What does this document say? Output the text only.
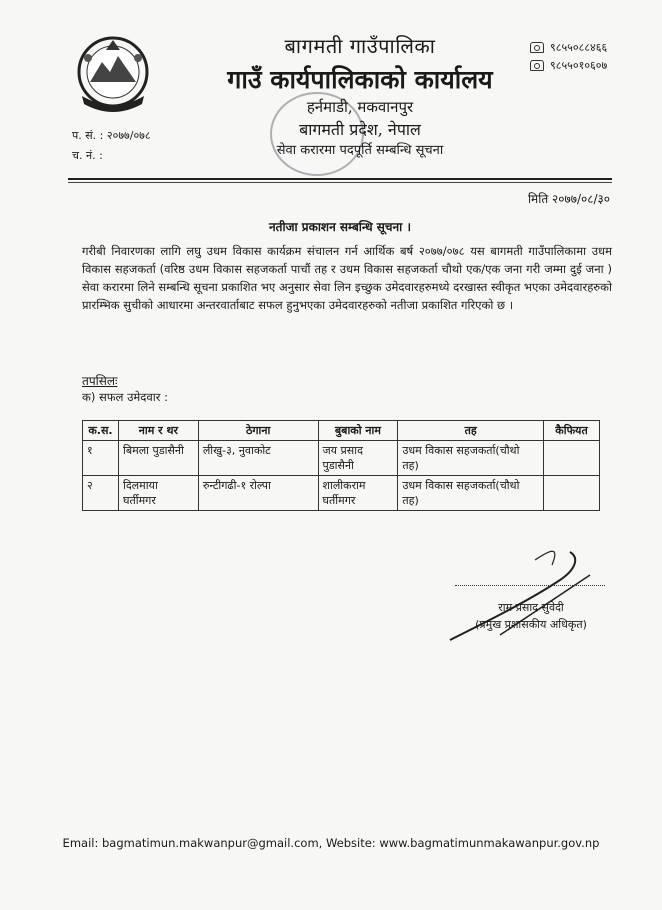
बागमती गाउँपालिका
गाउँ कार्यपालिकाको कार्यालय
हर्नमाडी, मकवानपुर
बागमती प्रदेश, नेपाल
सेवा करारमा पदपूर्ति सम्बन्धि सूचना
९८५५०८८४६६
९८५५०१०६०७
प. सं. : २०७७/०७८
च. नं. :
मिति २०७७/०८/३०
नतीजा प्रकाशन सम्बन्धि सूचना ।
गरीबी निवारणका लागि लघु उधम विकास कार्यक्रम संचालन गर्न आर्थिक बर्ष २०७७/०७८ यस बागमती गाउँपालिकामा उधम विकास सहजकर्ता (वरिष्ठ उधम विकास सहजकर्ता पाचौं तह र उधम विकास सहजकर्ता चौथो एक/एक जना गरी जम्मा दुई जना ) सेवा करारमा लिने सम्बन्धि सूचना प्रकाशित भए अनुसार सेवा लिन इच्छुक उमेदवारहरुमध्ये दरखास्त स्वीकृत भएका उमेदवारहरुको प्रारम्भिक सुचीको आधारमा अन्तरवार्ताबाट सफल हुनुभएका उमेदवारहरुको नतीजा प्रकाशित गरिएको छ ।
तपसिलः
क) सफल उमेदवार :
क.स.	नाम र थर	ठेगाना	बुबाको नाम	तह	कैफियत
१	बिमला पुडासैनी	लीखु-३, नुवाकोट	जय प्रसाद पुडासैनी	उधम विकास सहजकर्ता(चौथो तह)	
२	दिलमाया घर्तीमगर	रुन्टीगढी-१ रोल्पा	शालीकराम घर्तीमगर	उधम विकास सहजकर्ता(चौथो तह)	
राम प्रसाद सुवेदी
(प्रमुख प्रशासकीय अधिकृत)
Email: bagmatimun.makwanpur@gmail.com, Website: www.bagmatimunmakawanpur.gov.np
